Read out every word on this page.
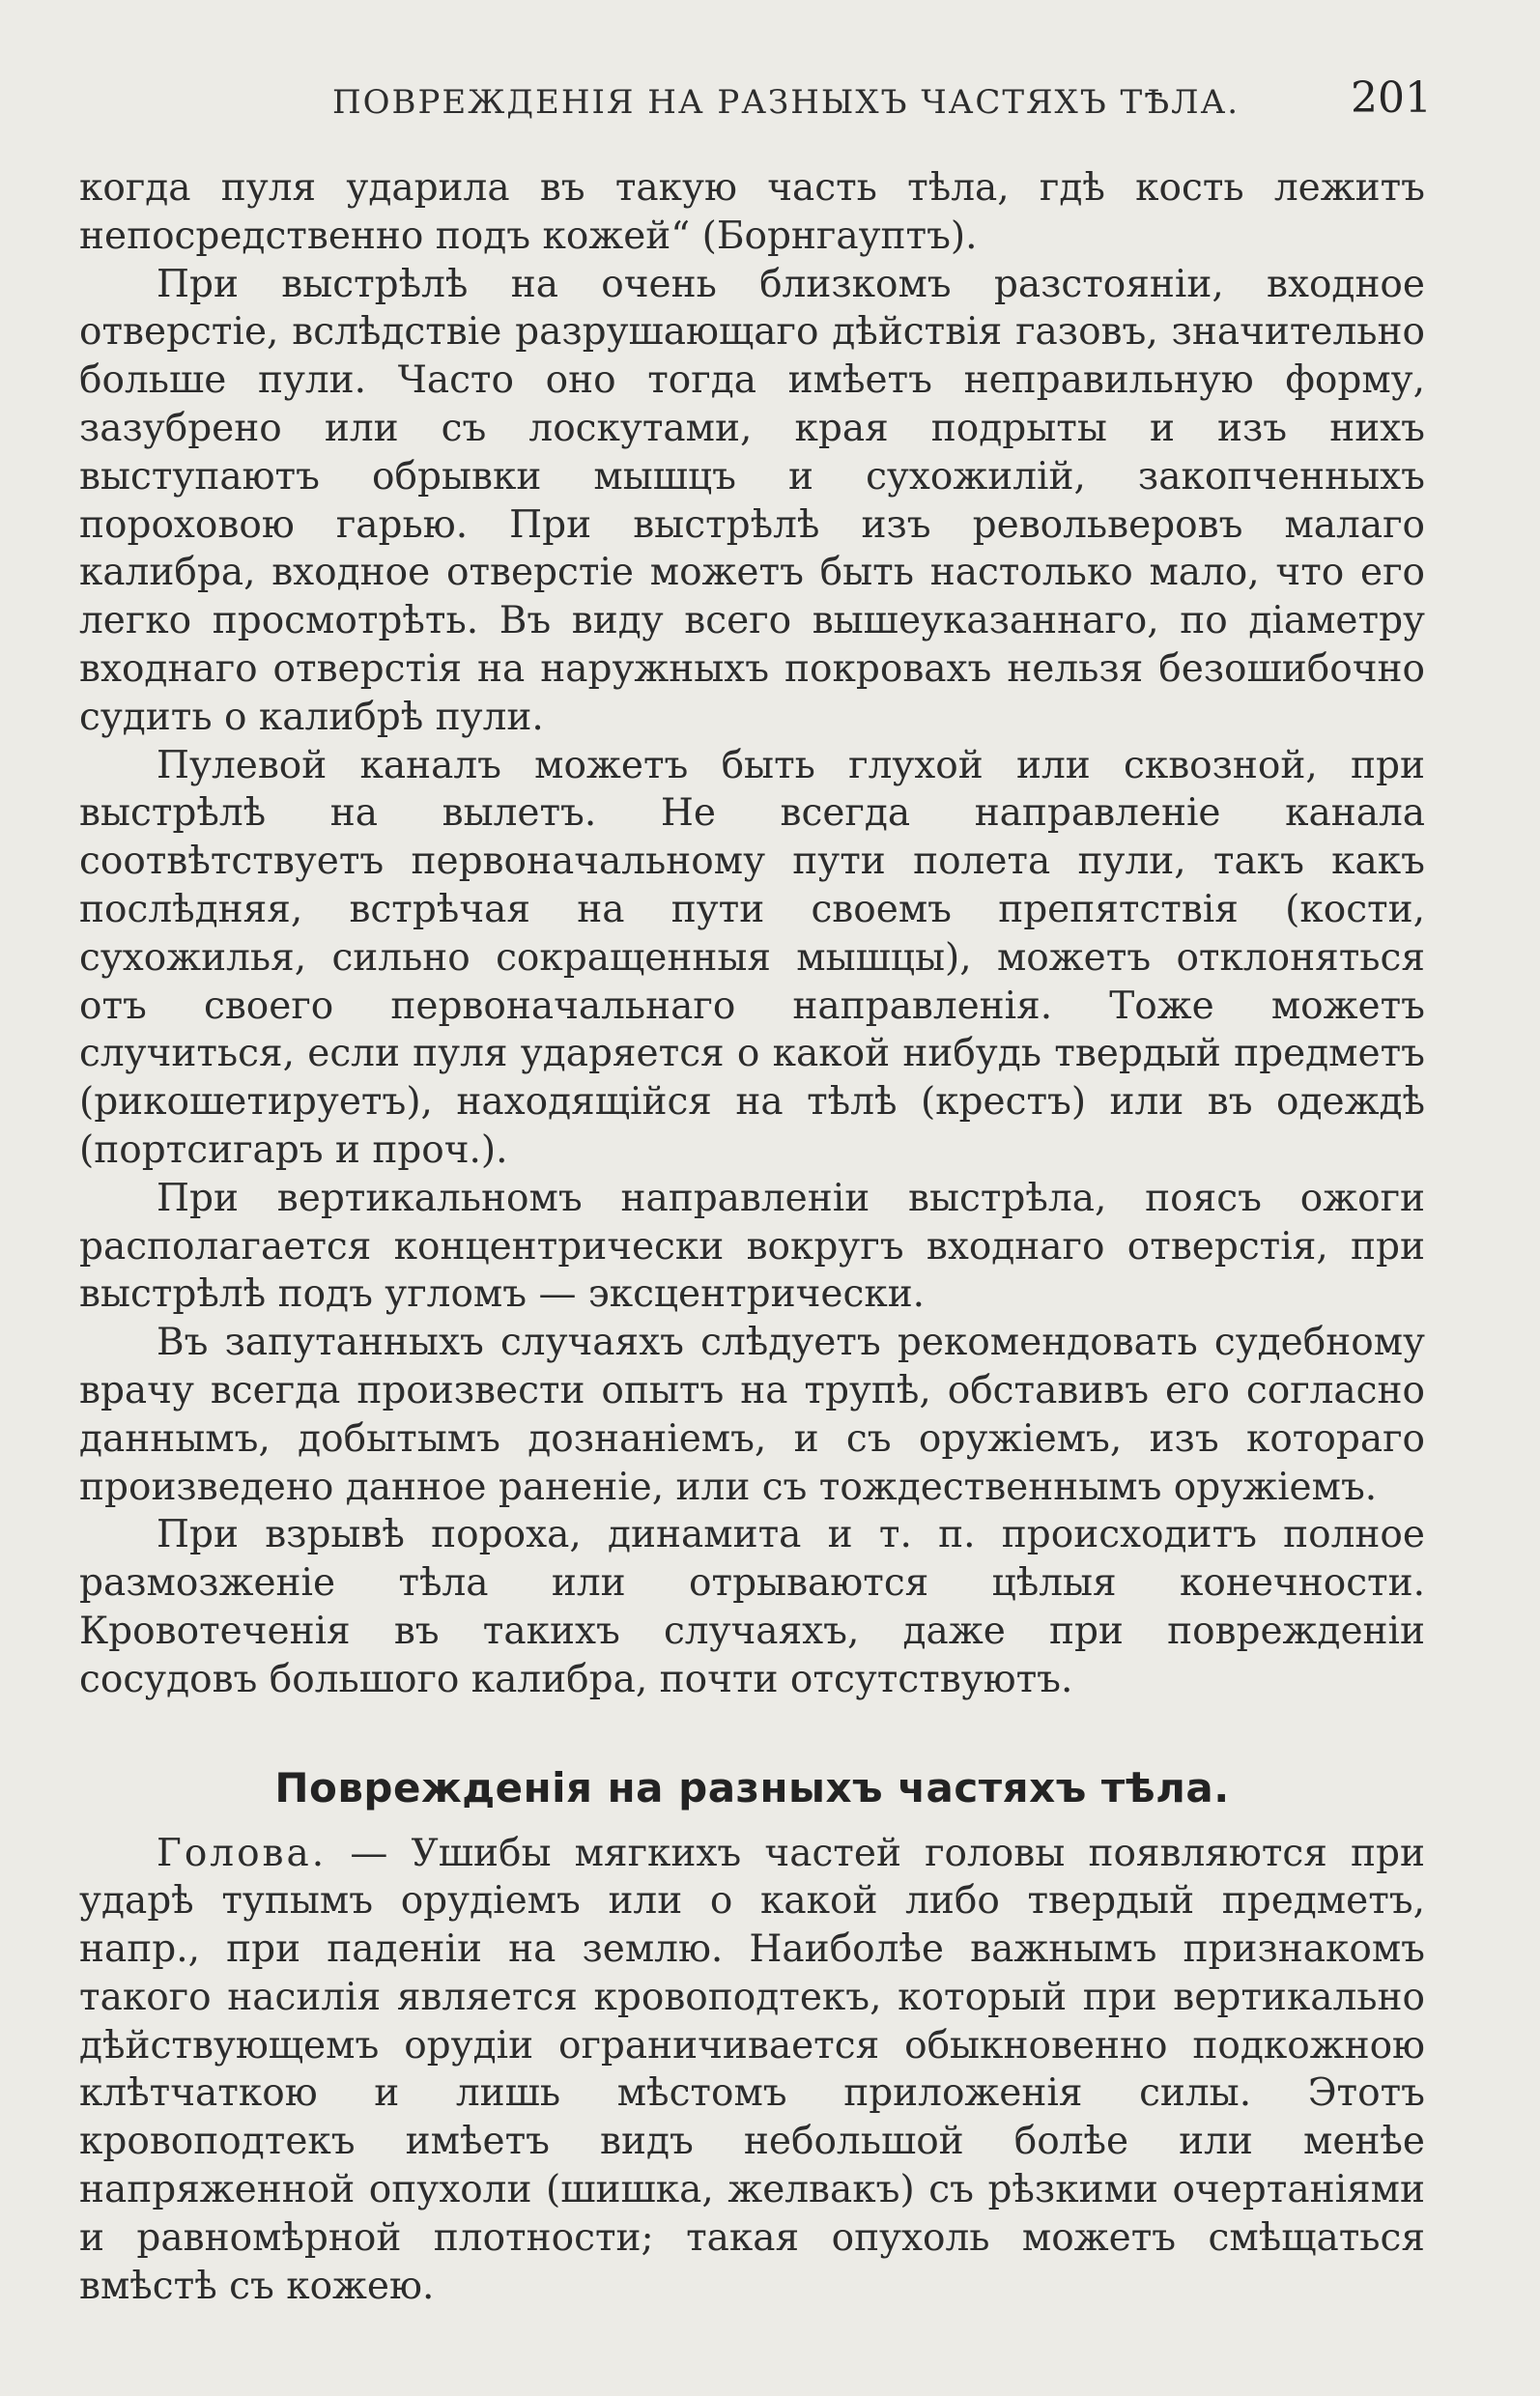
ПОВРЕЖДЕНІЯ НА РАЗНЫХЪ ЧАСТЯХЪ ТѢЛА.	201

когда пуля ударила въ такую часть тѣла, гдѣ кость лежитъ непосредственно подъ кожей“ (Борнгауптъ).

При выстрѣлѣ на очень близкомъ разстояніи, входное отверстіе, вслѣдствіе разрушающаго дѣйствія газовъ, значительно больше пули. Часто оно тогда имѣетъ неправильную форму, зазубрено или съ лоскутами, края подрыты и изъ нихъ выступаютъ обрывки мышцъ и сухожилій, закопченныхъ пороховою гарью. При выстрѣлѣ изъ револьверовъ малаго калибра, входное отверстіе можетъ быть настолько мало, что его легко просмотрѣть. Въ виду всего вышеуказаннаго, по діаметру входнаго отверстія на наружныхъ покровахъ нельзя безошибочно судить о калибрѣ пули.

Пулевой каналъ можетъ быть глухой или сквозной, при выстрѣлѣ на вылетъ. Не всегда направленіе канала соотвѣтствуетъ первоначальному пути полета пули, такъ какъ послѣдняя, встрѣчая на пути своемъ препятствія (кости, сухожилья, сильно сокращенныя мышцы), можетъ отклоняться отъ своего первоначальнаго направленія. Тоже можетъ случиться, если пуля ударяется о какой нибудь твердый предметъ (рикошетируетъ), находящійся на тѣлѣ (крестъ) или въ одеждѣ (портсигаръ и проч.).

При вертикальномъ направленіи выстрѣла, поясъ ожоги располагается концентрически вокругъ входнаго отверстія, при выстрѣлѣ подъ угломъ — эксцентрически.

Въ запутанныхъ случаяхъ слѣдуетъ рекомендовать судебному врачу всегда произвести опытъ на трупѣ, обставивъ его согласно даннымъ, добытымъ дознаніемъ, и съ оружіемъ, изъ котораго произведено данное раненіе, или съ тождественнымъ оружіемъ.

При взрывѣ пороха, динамита и т. п. происходитъ полное размозженіе тѣла или отрываются цѣлыя конечности. Кровотеченія въ такихъ случаяхъ, даже при поврежденіи сосудовъ большого калибра, почти отсутствуютъ.

Поврежденія на разныхъ частяхъ тѣла.

Голова. — Ушибы мягкихъ частей головы появляются при ударѣ тупымъ орудіемъ или о какой либо твердый предметъ, напр., при паденіи на землю. Наиболѣе важнымъ признакомъ такого насилія является кровоподтекъ, который при вертикально дѣйствующемъ орудіи ограничивается обыкновенно подкожною клѣтчаткою и лишь мѣстомъ приложенія силы. Этотъ кровоподтекъ имѣетъ видъ небольшой болѣе или менѣе напряженной опухоли (шишка, желвакъ) съ рѣзкими очертаніями и равномѣрной плотности; такая опухоль можетъ смѣщаться вмѣстѣ съ кожею.
